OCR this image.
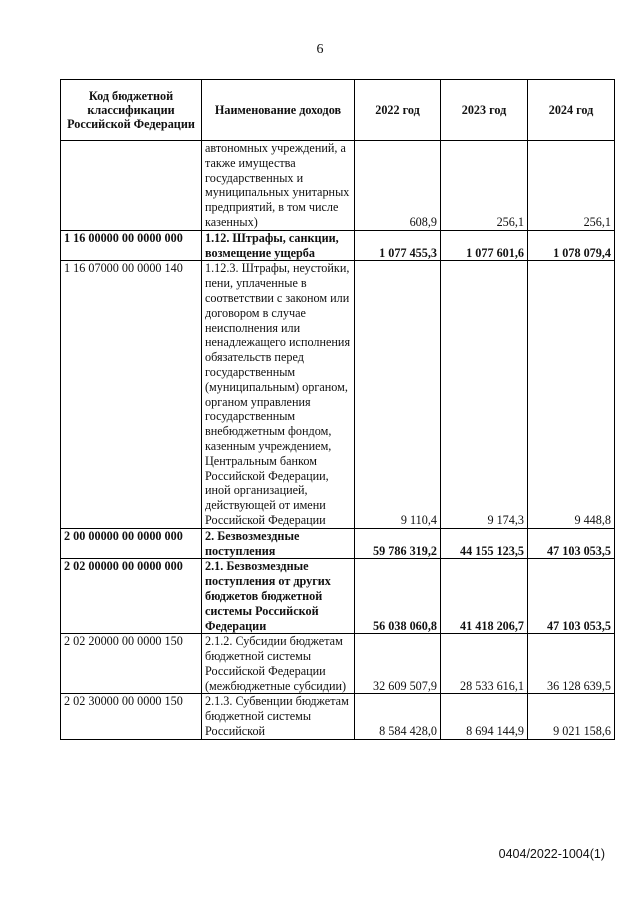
6
Код бюджетной классификации Российской Федерации	Наименование доходов	2022 год	2023 год	2024 год
	автономных учреждений, а также имущества государственных и муниципальных унитарных предприятий, в том числе казенных)	608,9	256,1	256,1
1 16 00000 00 0000 000	1.12. Штрафы, санкции, возмещение ущерба	1 077 455,3	1 077 601,6	1 078 079,4
1 16 07000 00 0000 140	1.12.3. Штрафы, неустойки, пени, уплаченные в соответствии с законом или договором в случае неисполнения или ненадлежащего исполнения обязательств перед государственным (муниципальным) органом, органом управления государственным внебюджетным фондом, казенным учреждением, Центральным банком Российской Федерации, иной организацией, действующей от имени Российской Федерации	9 110,4	9 174,3	9 448,8
2 00 00000 00 0000 000	2. Безвозмездные поступления	59 786 319,2	44 155 123,5	47 103 053,5
2 02 00000 00 0000 000	2.1. Безвозмездные поступления от других бюджетов бюджетной системы Российской Федерации	56 038 060,8	41 418 206,7	47 103 053,5
2 02 20000 00 0000 150	2.1.2. Субсидии бюджетам бюджетной системы Российской Федерации (межбюджетные субсидии)	32 609 507,9	28 533 616,1	36 128 639,5
2 02 30000 00 0000 150	2.1.3. Субвенции бюджетам бюджетной системы Российской	8 584 428,0	8 694 144,9	9 021 158,6
0404/2022-1004(1)
